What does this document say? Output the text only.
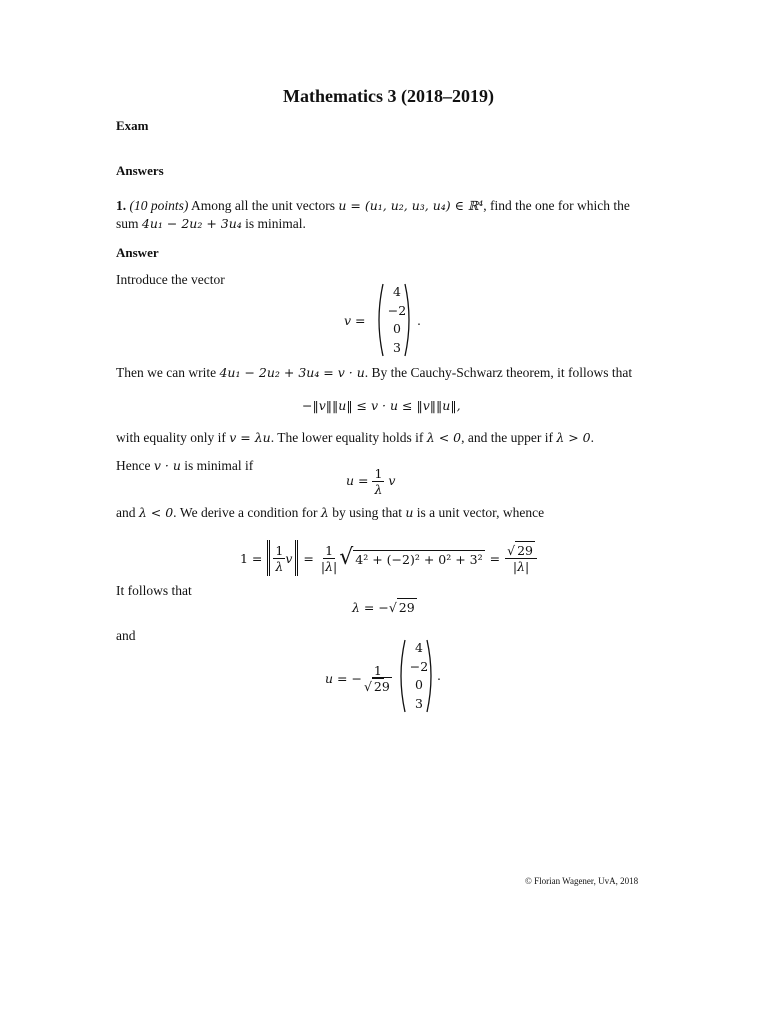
Mathematics 3 (2018–2019)
Exam
Answers
1. (10 points) Among all the unit vectors u = (u₁, u₂, u₃, u₄) ∈ ℝ⁴, find the one for which the
sum 4u₁ − 2u₂ + 3u₄ is minimal.
Answer
Introduce the vector
v =
4
−2
0
3
.
Then we can write 4u₁ − 2u₂ + 3u₄ = v · u. By the Cauchy-Schwarz theorem, it follows that
−‖v‖‖u‖ ≤ v · u ≤ ‖v‖‖u‖,
with equality only if v = λu. The lower equality holds if λ < 0, and the upper if λ > 0.
Hence v · u is minimal if
$u = \frac{1}{\lambda}$ v
and λ < 0. We derive a condition for λ by using that u is a unit vector, whence
$1 = \frac{1}{\lambda}$ $v = \frac{1}{|\lambda|}$ √ $4^2 + (-2)^2 + 0^2 + 3^2 = \frac{√ 29}{|\lambda|}$
It follows that
λ = −√ 29
and
u = − $\frac{1}{√ 29}$
4
−2
0
3
.
© Florian Wagener, UvA, 2018
